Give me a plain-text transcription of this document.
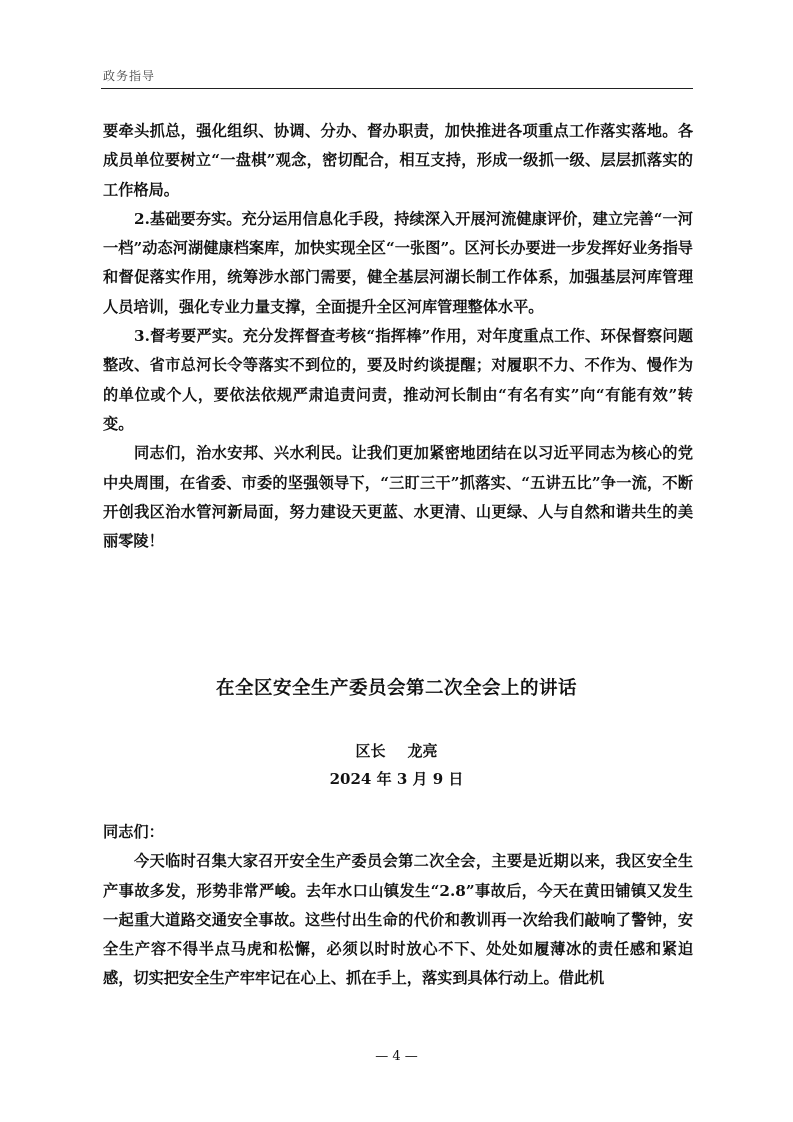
政务指导

要牵头抓总，强化组织、协调、分办、督办职责，加快推进各项重点工作落实落地。各成员单位要树立“一盘棋”观念，密切配合，相互支持，形成一级抓一级、层层抓落实的工作格局。

2.基础要夯实。充分运用信息化手段，持续深入开展河流健康评价，建立完善“一河一档”动态河湖健康档案库，加快实现全区“一张图”。区河长办要进一步发挥好业务指导和督促落实作用，统筹涉水部门需要，健全基层河湖长制工作体系，加强基层河库管理人员培训，强化专业力量支撑，全面提升全区河库管理整体水平。

3.督考要严实。充分发挥督查考核“指挥棒”作用，对年度重点工作、环保督察问题整改、省市总河长令等落实不到位的，要及时约谈提醒；对履职不力、不作为、慢作为的单位或个人，要依法依规严肃追责问责，推动河长制由“有名有实”向“有能有效”转变。

同志们，治水安邦、兴水利民。让我们更加紧密地团结在以习近平同志为核心的党中央周围，在省委、市委的坚强领导下，“三盯三干”抓落实、“五讲五比”争一流，不断开创我区治水管河新局面，努力建设天更蓝、水更清、山更绿、人与自然和谐共生的美丽零陵！

在全区安全生产委员会第二次全会上的讲话
区长 龙亮
2024 年 3 月 9 日

同志们：

今天临时召集大家召开安全生产委员会第二次全会，主要是近期以来，我区安全生产事故多发，形势非常严峻。去年水口山镇发生“2.8”事故后，今天在黄田铺镇又发生一起重大道路交通安全事故。这些付出生命的代价和教训再一次给我们敲响了警钟，安全生产容不得半点马虎和松懈，必须以时时放心不下、处处如履薄冰的责任感和紧迫感，切实把安全生产牢牢记在心上、抓在手上，落实到具体行动上。借此机

— 4 —
